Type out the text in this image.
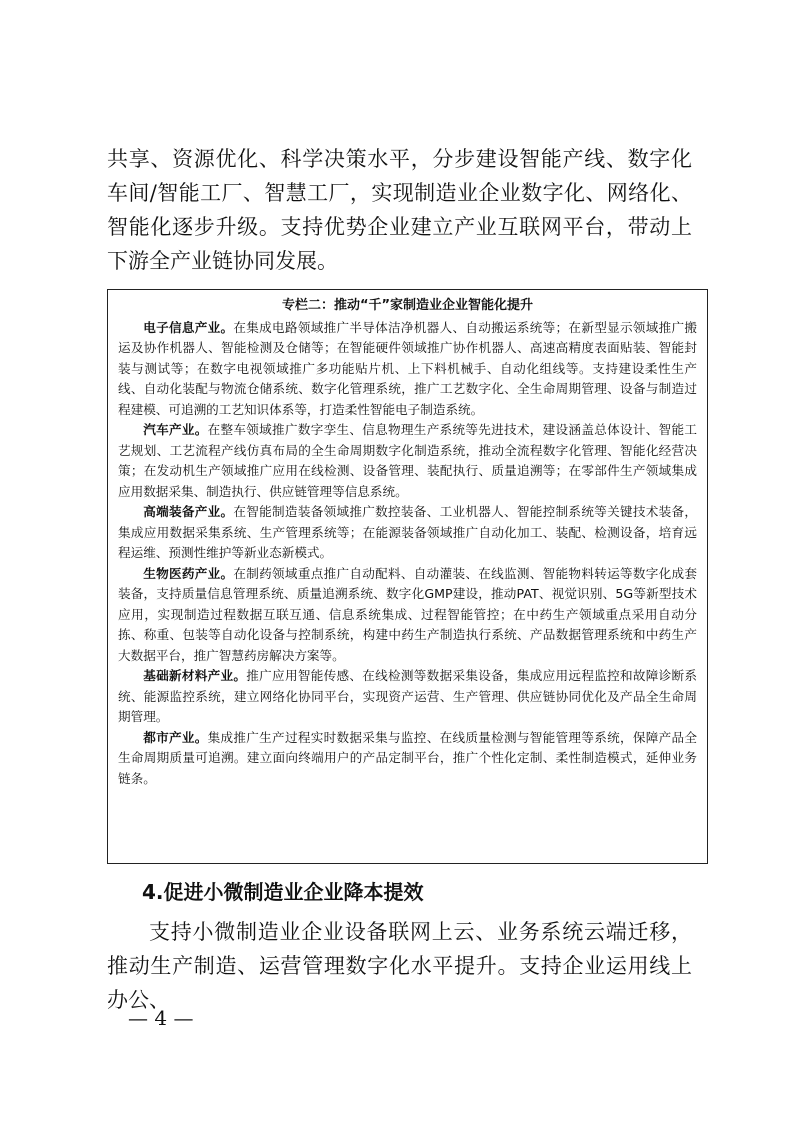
共享、资源优化、科学决策水平，分步建设智能产线、数字化车间/智能工厂、智慧工厂，实现制造业企业数字化、网络化、智能化逐步升级。支持优势企业建立产业互联网平台，带动上下游全产业链协同发展。

专栏二：推动“千”家制造业企业智能化提升

电子信息产业。在集成电路领域推广半导体洁净机器人、自动搬运系统等；在新型显示领域推广搬运及协作机器人、智能检测及仓储等；在智能硬件领域推广协作机器人、高速高精度表面贴装、智能封装与测试等；在数字电视领域推广多功能贴片机、上下料机械手、自动化组线等。支持建设柔性生产线、自动化装配与物流仓储系统、数字化管理系统，推广工艺数字化、全生命周期管理、设备与制造过程建模、可追溯的工艺知识体系等，打造柔性智能电子制造系统。

汽车产业。在整车领域推广数字孪生、信息物理生产系统等先进技术，建设涵盖总体设计、智能工艺规划、工艺流程产线仿真布局的全生命周期数字化制造系统，推动全流程数字化管理、智能化经营决策；在发动机生产领域推广应用在线检测、设备管理、装配执行、质量追溯等；在零部件生产领域集成应用数据采集、制造执行、供应链管理等信息系统。

高端装备产业。在智能制造装备领域推广数控装备、工业机器人、智能控制系统等关键技术装备，集成应用数据采集系统、生产管理系统等；在能源装备领域推广自动化加工、装配、检测设备，培育远程运维、预测性维护等新业态新模式。

生物医药产业。在制药领域重点推广自动配料、自动灌装、在线监测、智能物料转运等数字化成套装备，支持质量信息管理系统、质量追溯系统、数字化GMP建设，推动PAT、视觉识别、5G等新型技术应用，实现制造过程数据互联互通、信息系统集成、过程智能管控；在中药生产领域重点采用自动分拣、称重、包装等自动化设备与控制系统，构建中药生产制造执行系统、产品数据管理系统和中药生产大数据平台，推广智慧药房解决方案等。

基础新材料产业。推广应用智能传感、在线检测等数据采集设备，集成应用远程监控和故障诊断系统、能源监控系统，建立网络化协同平台，实现资产运营、生产管理、供应链协同优化及产品全生命周期管理。

都市产业。集成推广生产过程实时数据采集与监控、在线质量检测与智能管理等系统，保障产品全生命周期质量可追溯。建立面向终端用户的产品定制平台，推广个性化定制、柔性制造模式，延伸业务链条。

4.促进小微制造业企业降本提效

支持小微制造业企业设备联网上云、业务系统云端迁移，推动生产制造、运营管理数字化水平提升。支持企业运用线上办公、

— 4 —
